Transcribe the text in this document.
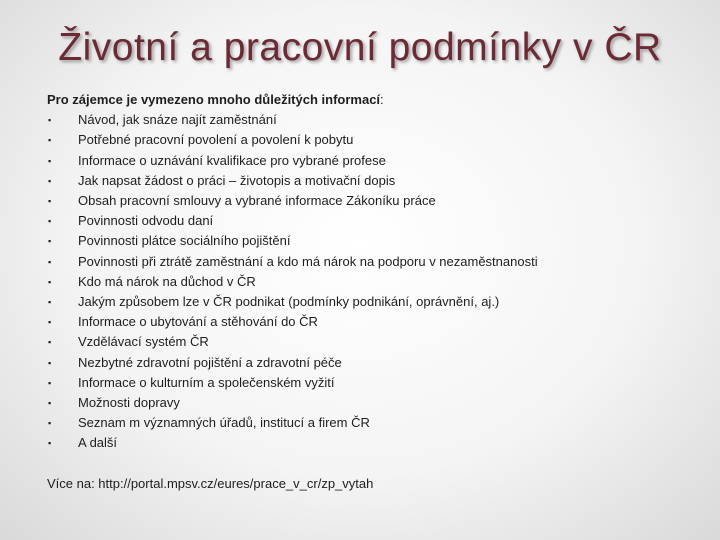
Životní a pracovní podmínky v ČR
Pro zájemce je vymezeno mnoho důležitých informací:
▪ Návod, jak snáze najít zaměstnání
▪ Potřebné pracovní povolení a povolení k pobytu
▪ Informace o uznávání kvalifikace pro vybrané profese
▪ Jak napsat žádost o práci – životopis a motivační dopis
▪ Obsah pracovní smlouvy a vybrané informace Zákoníku práce
▪ Povinnosti odvodu daní
▪ Povinnosti plátce sociálního pojištění
▪ Povinnosti při ztrátě zaměstnání a kdo má nárok na podporu v nezaměstnanosti
▪ Kdo má nárok na důchod v ČR
▪ Jakým způsobem lze v ČR podnikat (podmínky podnikání, oprávnění, aj.)
▪ Informace o ubytování a stěhování do ČR
▪ Vzdělávací systém ČR
▪ Nezbytné zdravotní pojištění a zdravotní péče
▪ Informace o kulturním a společenském vyžití
▪ Možnosti dopravy
▪ Seznam m významných úřadů, institucí a firem ČR
▪ A další
Více na: http://portal.mpsv.cz/eures/prace_v_cr/zp_vytah
